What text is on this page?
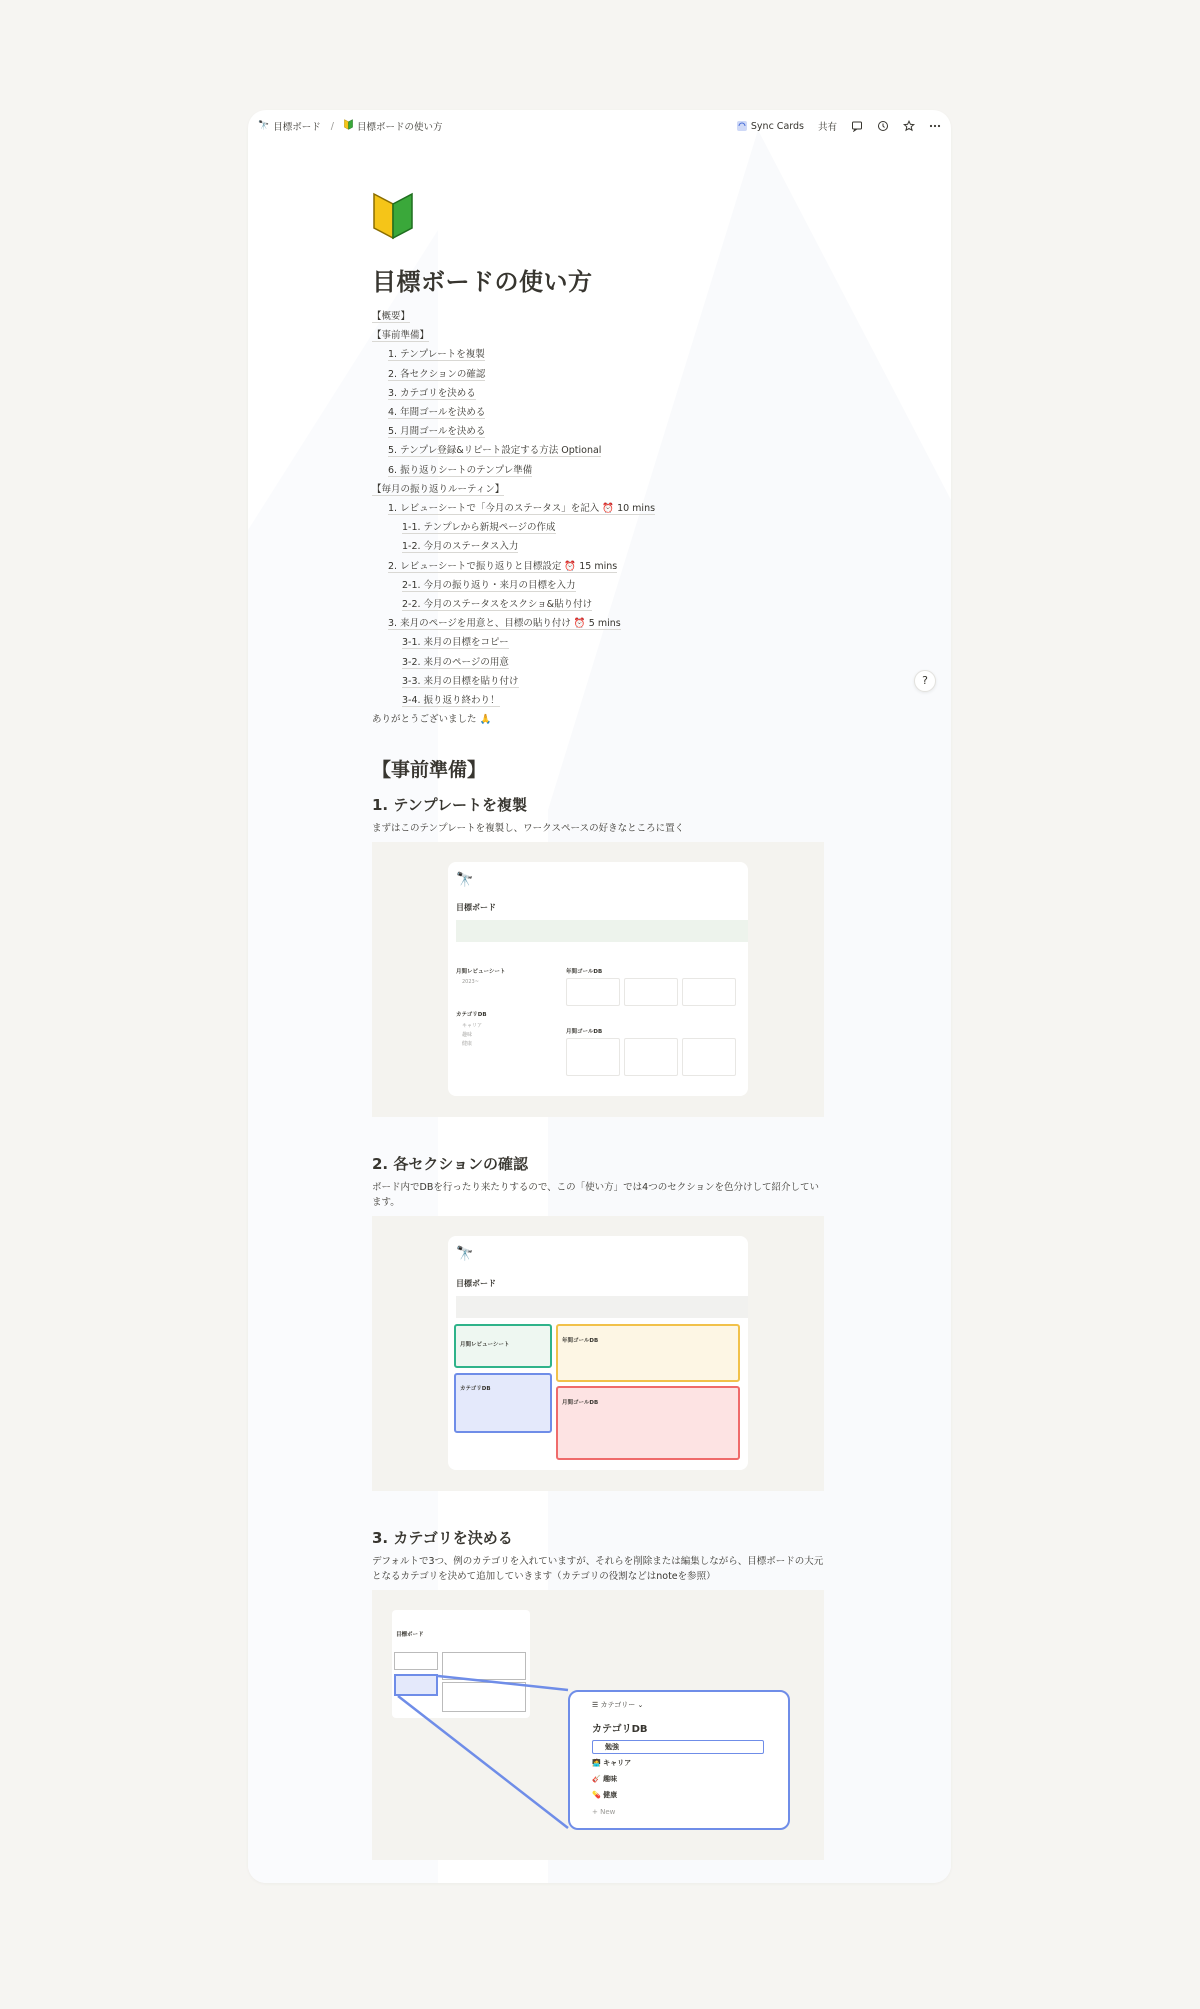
🔭 目標ボード / 目標ボードの使い方	Sync Cards 共有
目標ボードの使い方
【概要】
【事前準備】
1. テンプレートを複製
2. 各セクションの確認
3. カテゴリを決める
4. 年間ゴールを決める
5. 月間ゴールを決める
5. テンプレ登録&リピート設定する方法 Optional
6. 振り返りシートのテンプレ準備
【毎月の振り返りルーティン】
1. レビューシートで「今月のステータス」を記入 ⏰ 10 mins
1-1. テンプレから新規ページの作成
1-2. 今月のステータス入力
2. レビューシートで振り返りと目標設定 ⏰ 15 mins
2-1. 今月の振り返り・来月の目標を入力
2-2. 今月のステータスをスクショ&貼り付け
3. 来月のページを用意と、目標の貼り付け ⏰ 5 mins
3-1. 来月の目標をコピー
3-2. 来月のページの用意
3-3. 来月の目標を貼り付け
3-4. 振り返り終わり！
ありがとうございました 🙏
【事前準備】
1. テンプレートを複製

まずはこのテンプレートを複製し、ワークスペースの好きなところに置く

🔭
目標ボード
月間レビューシート
2023~
カテゴリDB
キャリア
趣味
健康
年間ゴールDB
月間ゴールDB
2. 各セクションの確認

ボード内でDBを行ったり来たりするので、この「使い方」では4つのセクションを色分けして紹介しています。

🔭
目標ボード
月間レビューシート
カテゴリDB
年間ゴールDB
月間ゴールDB
3. カテゴリを決める

デフォルトで3つ、例のカテゴリを入れていますが、それらを削除または編集しながら、目標ボードの大元となるカテゴリを決めて追加していきます（カテゴリの役割などはnoteを参照）

目標ボード
☰ カテゴリー ⌄
カテゴリDB
勉強
🧑‍💻 キャリア
🎸 趣味
💊 健康
+ New
?
